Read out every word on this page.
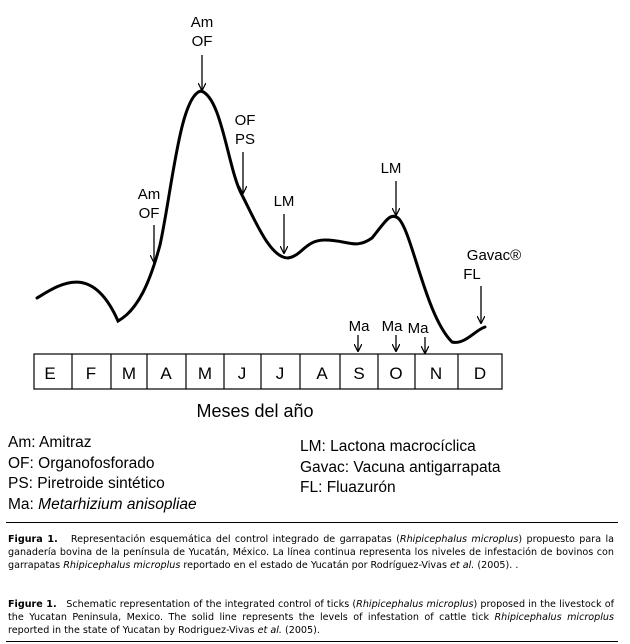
E F M A M J J A S O N D
Meses del año
Am
OF
Am
OF
OF
PS
LM
LM
Gavac®
FL
Ma Ma Ma
Am: Amitraz
OF: Organofosforado
PS: Piretroide sintético
Ma: Metarhizium anisopliae
LM: Lactona macrocíclica
Gavac: Vacuna antigarrapata
FL: Fluazurón
Figura 1. Representación esquemática del control integrado de garrapatas (Rhipicephalus microplus) propuesto para la ganadería bovina de la península de Yucatán, México. La línea continua representa los niveles de infestación de bovinos con garrapatas Rhipicephalus microplus reportado en el estado de Yucatán por Rodríguez-Vivas et al. (2005). .
Figure 1. Schematic representation of the integrated control of ticks (Rhipicephalus microplus) proposed in the livestock of the Yucatan Peninsula, Mexico. The solid line represents the levels of infestation of cattle tick Rhipicephalus microplus reported in the state of Yucatan by Rodriguez-Vivas et al. (2005).
